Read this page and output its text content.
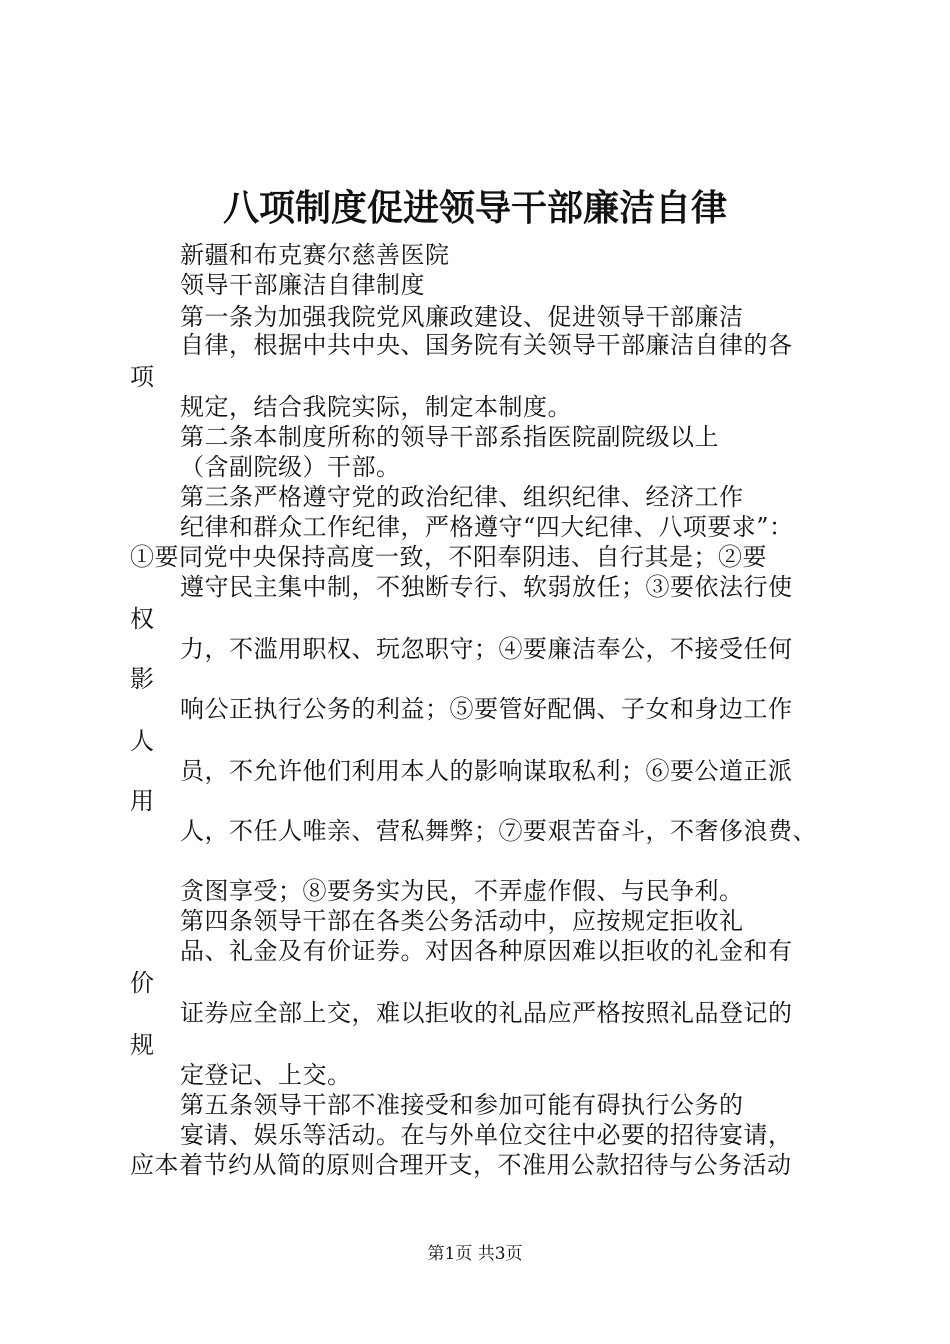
八项制度促进领导干部廉洁自律
新疆和布克赛尔慈善医院
领导干部廉洁自律制度
第一条为加强我院党风廉政建设、促进领导干部廉洁
自律，根据中共中央、国务院有关领导干部廉洁自律的各
项
规定，结合我院实际，制定本制度。
第二条本制度所称的领导干部系指医院副院级以上
（含副院级）干部。
第三条严格遵守党的政治纪律、组织纪律、经济工作
纪律和群众工作纪律，严格遵守“四大纪律、八项要求”：
①要同党中央保持高度一致，不阳奉阴违、自行其是；②要
遵守民主集中制，不独断专行、软弱放任；③要依法行使
权
力，不滥用职权、玩忽职守；④要廉洁奉公，不接受任何
影
响公正执行公务的利益；⑤要管好配偶、子女和身边工作
人
员，不允许他们利用本人的影响谋取私利；⑥要公道正派
用
人，不任人唯亲、营私舞弊；⑦要艰苦奋斗，不奢侈浪费、
贪图享受；⑧要务实为民，不弄虚作假、与民争利。
第四条领导干部在各类公务活动中，应按规定拒收礼
品、礼金及有价证券。对因各种原因难以拒收的礼金和有
价
证券应全部上交，难以拒收的礼品应严格按照礼品登记的
规
定登记、上交。
第五条领导干部不准接受和参加可能有碍执行公务的
宴请、娱乐等活动。在与外单位交往中必要的招待宴请，
应本着节约从简的原则合理开支，不准用公款招待与公务活动
第1页 共3页
